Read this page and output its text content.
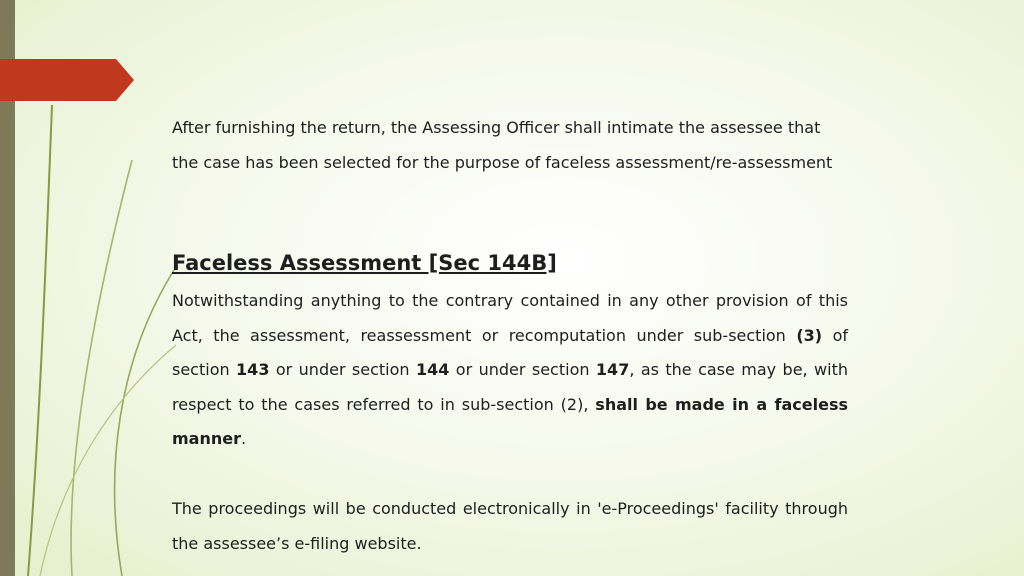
After furnishing the return, the Assessing Officer shall intimate the assessee that the case has been selected for the purpose of faceless assessment/re-assessment

Faceless Assessment [Sec 144B]

Notwithstanding anything to the contrary contained in any other provision of this Act, the assessment, reassessment or recomputation under sub-section (3) of section 143 or under section 144 or under section 147, as the case may be, with respect to the cases referred to in sub-section (2), shall be made in a faceless manner.

The proceedings will be conducted electronically in 'e-Proceedings' facility through the assessee’s e-filing website.
